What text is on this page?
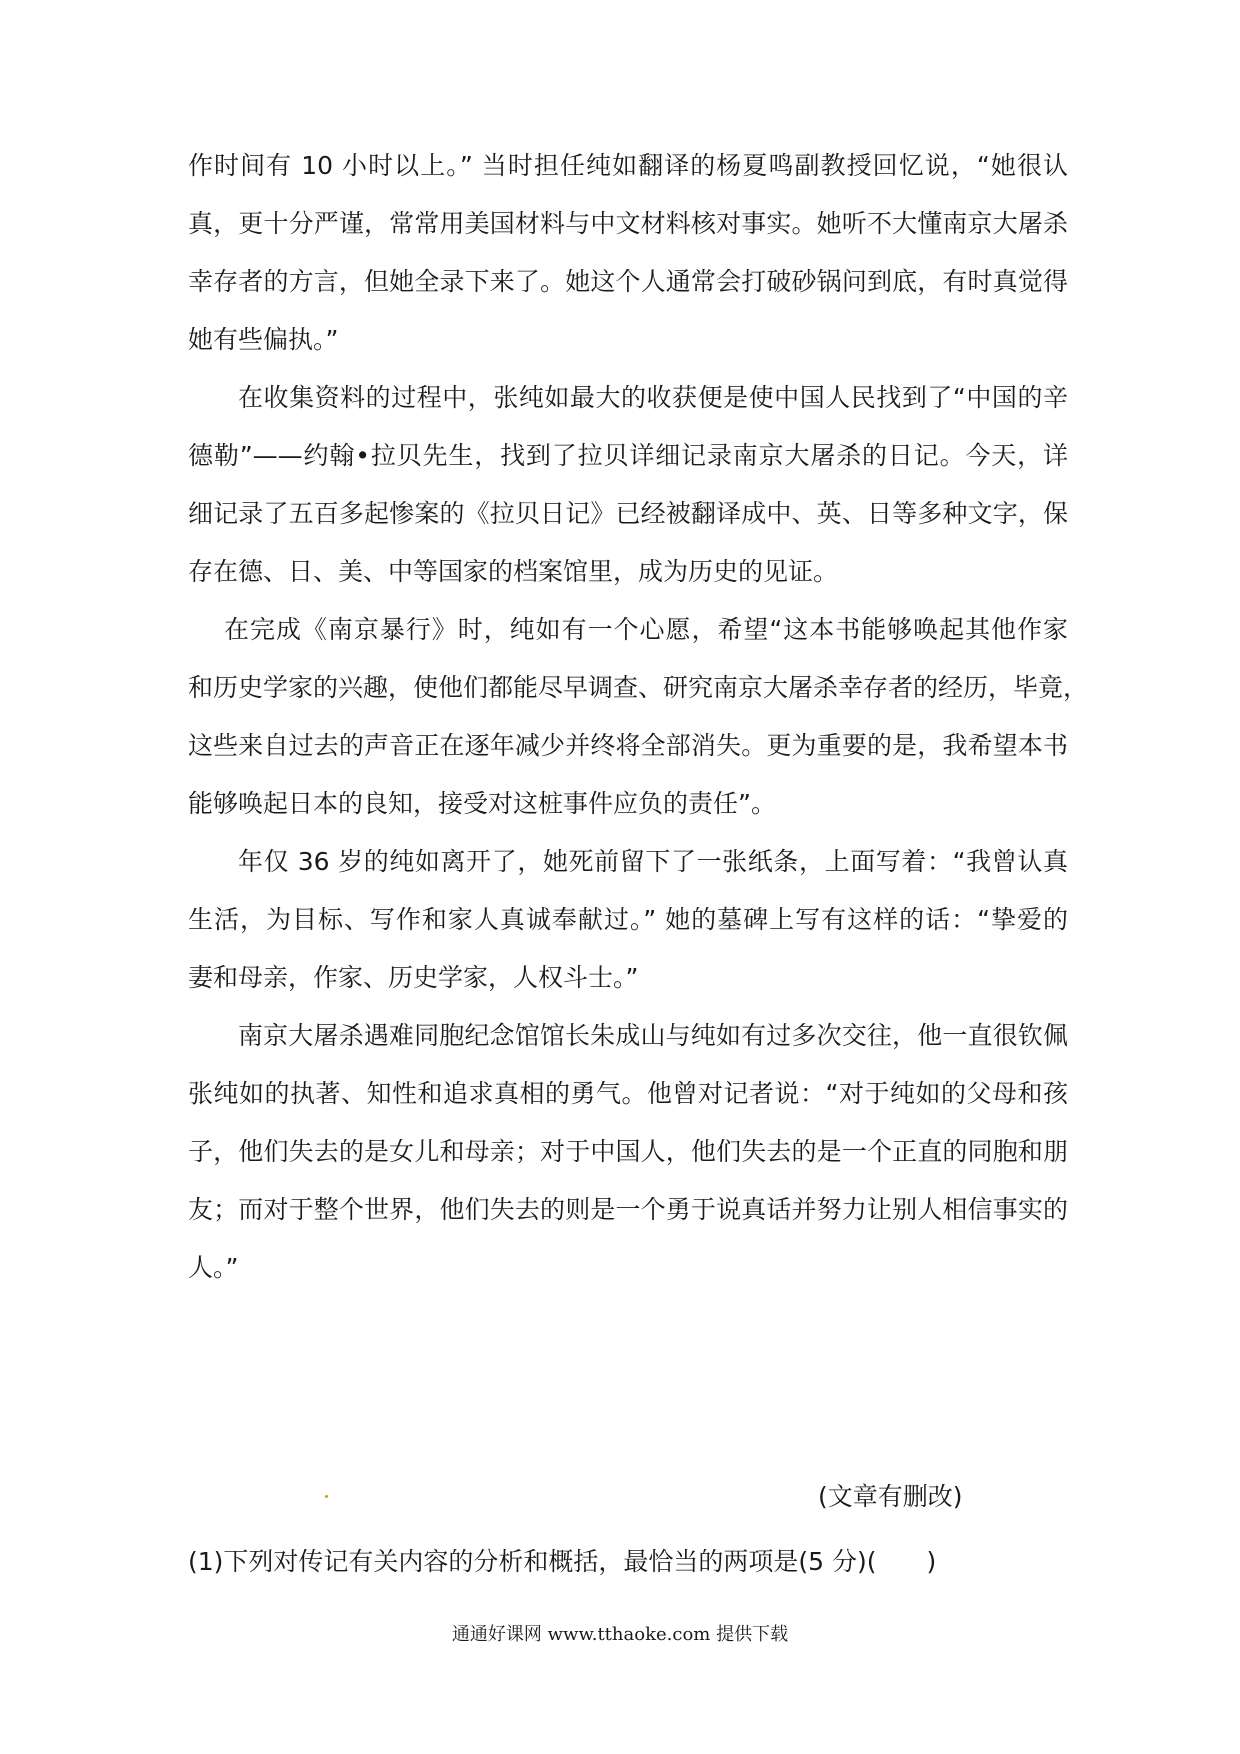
作时间有 10 小时以上。” 当时担任纯如翻译的杨夏鸣副教授回忆说，“她很认
真，更十分严谨，常常用美国材料与中文材料核对事实。她听不大懂南京大屠杀
幸存者的方言，但她全录下来了。她这个人通常会打破砂锅问到底，有时真觉得
她有些偏执。”
在收集资料的过程中，张纯如最大的收获便是使中国人民找到了“中国的辛
德勒”——约翰•拉贝先生，找到了拉贝详细记录南京大屠杀的日记。今天，详
细记录了五百多起惨案的《拉贝日记》已经被翻译成中、英、日等多种文字，保
存在德、日、美、中等国家的档案馆里，成为历史的见证。
在完成《南京暴行》时，纯如有一个心愿，希望“这本书能够唤起其他作家
和历史学家的兴趣，使他们都能尽早调查、研究南京大屠杀幸存者的经历，毕竟，
这些来自过去的声音正在逐年减少并终将全部消失。更为重要的是，我希望本书
能够唤起日本的良知，接受对这桩事件应负的责任”。
年仅 36 岁的纯如离开了，她死前留下了一张纸条，上面写着：“我曾认真
生活，为目标、写作和家人真诚奉献过。” 她的墓碑上写有这样的话：“挚爱的
妻和母亲，作家、历史学家，人权斗士。”
南京大屠杀遇难同胞纪念馆馆长朱成山与纯如有过多次交往，他一直很钦佩
张纯如的执著、知性和追求真相的勇气。他曾对记者说：“对于纯如的父母和孩
子，他们失去的是女儿和母亲；对于中国人，他们失去的是一个正直的同胞和朋
友；而对于整个世界，他们失去的则是一个勇于说真话并努力让别人相信事实的
人。”
(文章有删改)
(1)下列对传记有关内容的分析和概括，最恰当的两项是(5 分)(　　)
通通好课网 www.tthaoke.com 提供下载
